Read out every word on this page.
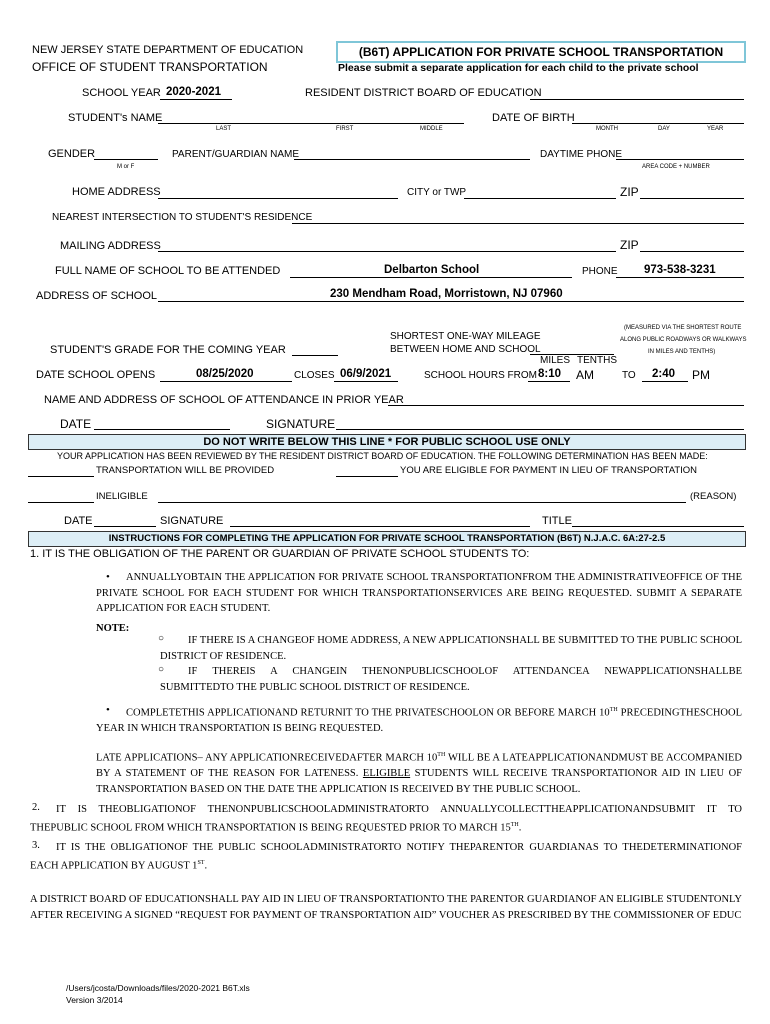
NEW JERSEY STATE DEPARTMENT OF EDUCATION
OFFICE OF STUDENT TRANSPORTATION
(B6T) APPLICATION FOR PRIVATE SCHOOL TRANSPORTATION
Please submit a separate application for each child to the private school
SCHOOL YEAR 2020-2021	RESIDENT DISTRICT BOARD OF EDUCATION
STUDENT's NAME
LAST	FIRST	MIDDLE
DATE OF BIRTH
MONTH	DAY	YEAR
GENDER
M or F
PARENT/GUARDIAN NAME	DAYTIME PHONE
AREA CODE + NUMBER
HOME ADDRESS	CITY or TWP	ZIP
NEAREST INTERSECTION TO STUDENT'S RESIDENCE
MAILING ADDRESS	ZIP
FULL NAME OF SCHOOL TO BE ATTENDED	Delbarton School	PHONE 973-538-3231
ADDRESS OF SCHOOL	230 Mendham Road, Morristown, NJ 07960
SHORTEST ONE-WAY MILEAGE
BETWEEN HOME AND SCHOOL
(MEASURED VIA THE SHORTEST ROUTE
ALONG PUBLIC ROADWAYS OR WALKWAYS
IN MILES AND TENTHS)
MILES TENTHS
STUDENT'S GRADE FOR THE COMING YEAR
DATE SCHOOL OPENS	08/25/2020	CLOSES 06/9/2021	SCHOOL HOURS FROM 8:10 AM	TO 2:40 PM
NAME AND ADDRESS OF SCHOOL OF ATTENDANCE IN PRIOR YEAR
DATE	SIGNATURE
DO NOT WRITE BELOW THIS LINE * FOR PUBLIC SCHOOL USE ONLY
YOUR APPLICATION HAS BEEN REVIEWED BY THE RESIDENT DISTRICT BOARD OF EDUCATION. THE FOLLOWING DETERMINATION HAS BEEN MADE:
TRANSPORTATION WILL BE PROVIDED	YOU ARE ELIGIBLE FOR PAYMENT IN LIEU OF TRANSPORTATION
INELIGIBLE	(REASON)
DATE	SIGNATURE	TITLE
INSTRUCTIONS FOR COMPLETING THE APPLICATION FOR PRIVATE SCHOOL TRANSPORTATION (B6T) N.J.A.C. 6A:27-2.5
1. IT IS THE OBLIGATION OF THE PARENT OR GUARDIAN OF PRIVATE SCHOOL STUDENTS TO:
•	ANNUALLYOBTAIN THE APPLICATION FOR PRIVATE SCHOOL TRANSPORTATIONFROM THE ADMINISTRATIVEOFFICE OF THE PRIVATE SCHOOL FOR EACH STUDENT FOR WHICH TRANSPORTATIONSERVICES ARE BEING REQUESTED. SUBMIT A SEPARATE APPLICATION FOR EACH STUDENT.
NOTE:
○	IF THERE IS A CHANGEOF HOME ADDRESS, A NEW APPLICATIONSHALL BE SUBMITTED TO THE PUBLIC SCHOOL DISTRICT OF RESIDENCE.
○	IF THEREIS A CHANGEIN THENONPUBLICSCHOOLOF ATTENDANCEA NEWAPPLICATIONSHALLBE SUBMITTEDTO THE PUBLIC SCHOOL DISTRICT OF RESIDENCE.
•	COMPLETETHIS APPLICATIONAND RETURNIT TO THE PRIVATESCHOOLON OR BEFORE MARCH 10TH PRECEDINGTHESCHOOL YEAR IN WHICH TRANSPORTATION IS BEING REQUESTED.
LATE APPLICATIONS– ANY APPLICATIONRECEIVEDAFTER MARCH 10TH WILL BE A LATEAPPLICATIONANDMUST BE ACCOMPANIED BY A STATEMENT OF THE REASON FOR LATENESS. ELIGIBLE STUDENTS WILL RECEIVE TRANSPORTATIONOR AID IN LIEU OF TRANSPORTATION BASED ON THE DATE THE APPLICATION IS RECEIVED BY THE PUBLIC SCHOOL.
2.	IT IS THEOBLIGATIONOF THENONPUBLICSCHOOLADMINISTRATORTO ANNUALLYCOLLECTTHEAPPLICATIONANDSUBMIT IT TO THEPUBLIC SCHOOL FROM WHICH TRANSPORTATION IS BEING REQUESTED PRIOR TO MARCH 15TH.
3.	IT IS THE OBLIGATIONOF THE PUBLIC SCHOOLADMINISTRATORTO NOTIFY THEPARENTOR GUARDIANAS TO THEDETERMINATIONOF EACH APPLICATION BY AUGUST 1ST.
A DISTRICT BOARD OF EDUCATIONSHALL PAY AID IN LIEU OF TRANSPORTATIONTO THE PARENTOR GUARDIANOF AN ELIGIBLE STUDENTONLY AFTER RECEIVING A SIGNED “REQUEST FOR PAYMENT OF TRANSPORTATION AID” VOUCHER AS PRESCRIBED BY THE COMMISSIONER OF EDUC
/Users/jcosta/Downloads/files/2020-2021 B6T.xls
Version 3/2014
